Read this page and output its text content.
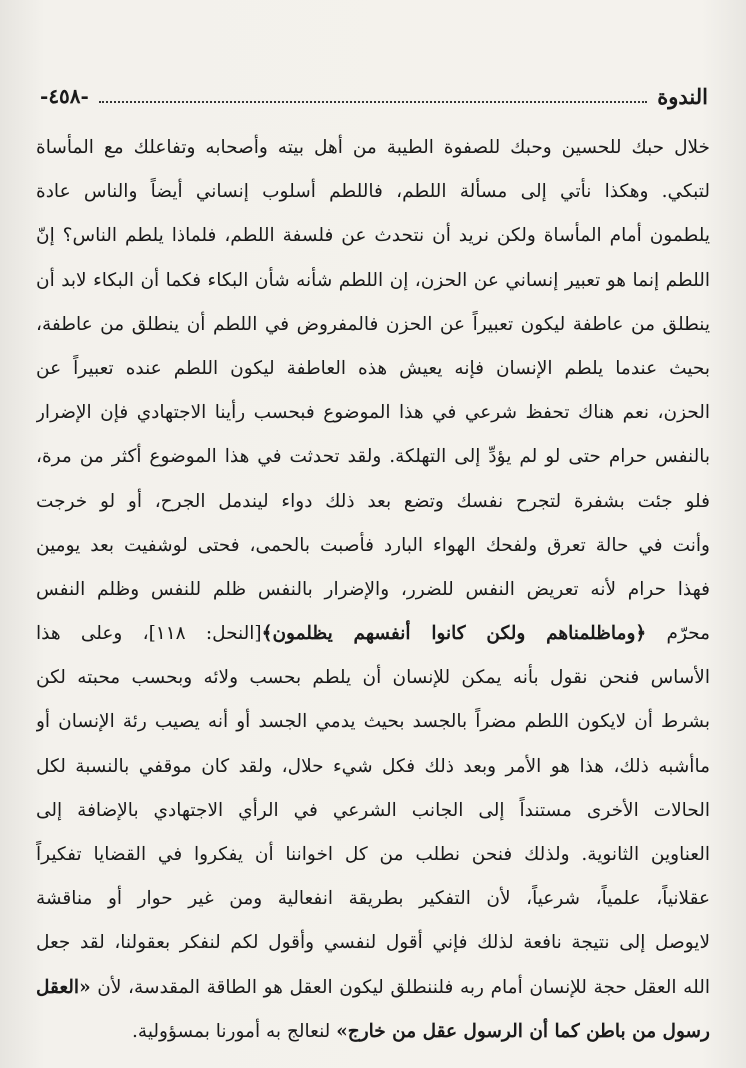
-٤٥٨-	الندوة
خلال حبك للحسين وحبك للصفوة الطيبة من أهل بيته وأصحابه وتفاعلك مع المأساة
لتبكي. وهكذا نأتي إلى مسألة اللطم، فاللطم أسلوب إنساني أيضاً والناس عادة
يلطمون أمام المأساة ولكن نريد أن نتحدث عن فلسفة اللطم، فلماذا يلطم الناس؟ إنّ
اللطم إنما هو تعبير إنساني عن الحزن، إن اللطم شأنه شأن البكاء فكما أن البكاء لابد أن
ينطلق من عاطفة ليكون تعبيراً عن الحزن فالمفروض في اللطم أن ينطلق من عاطفة،
بحيث عندما يلطم الإنسان فإنه يعيش هذه العاطفة ليكون اللطم عنده تعبيراً عن
الحزن، نعم هناك تحفظ شرعي في هذا الموضوع فبحسب رأينا الاجتهادي فإن الإضرار
بالنفس حرام حتى لو لم يؤدِّ إلى التهلكة. ولقد تحدثت في هذا الموضوع أكثر من مرة،
فلو جئت بشفرة لتجرح نفسك وتضع بعد ذلك دواء لیندمل الجرح، أو لو خرجت
وأنت في حالة تعرق ولفحك الهواء البارد فأصبت بالحمى، فحتى لوشفيت بعد يومين
فهذا حرام لأنه تعريض النفس للضرر، والإضرار بالنفس ظلم للنفس وظلم النفس
محرّم ﴿وماظلمناهم ولكن كانوا أنفسهم يظلمون﴾[النحل: ١١٨]، وعلى هذا
الأساس فنحن نقول بأنه يمكن للإنسان أن يلطم بحسب ولائه وبحسب محبته لكن
بشرط أن لايكون اللطم مضراً بالجسد بحيث يدمي الجسد أو أنه يصيب رئة الإنسان أو
ماأشبه ذلك، هذا هو الأمر وبعد ذلك فكل شيء حلال، ولقد كان موقفي بالنسبة لكل
الحالات الأخرى مستنداً إلى الجانب الشرعي في الرأي الاجتهادي بالإضافة إلى
العناوين الثانوية. ولذلك فنحن نطلب من كل اخواننا أن يفكروا في القضايا تفكيراً
عقلانياً، علمياً، شرعياً، لأن التفكير بطريقة انفعالية ومن غير حوار أو مناقشة
لايوصل إلى نتيجة نافعة لذلك فإني أقول لنفسي وأقول لكم لنفكر بعقولنا، لقد جعل
الله العقل حجة للإنسان أمام ربه فلننطلق ليكون العقل هو الطاقة المقدسة، لأن «العقل
رسول من باطن كما أن الرسول عقل من خارج» لنعالج به أمورنا بمسؤولية.
